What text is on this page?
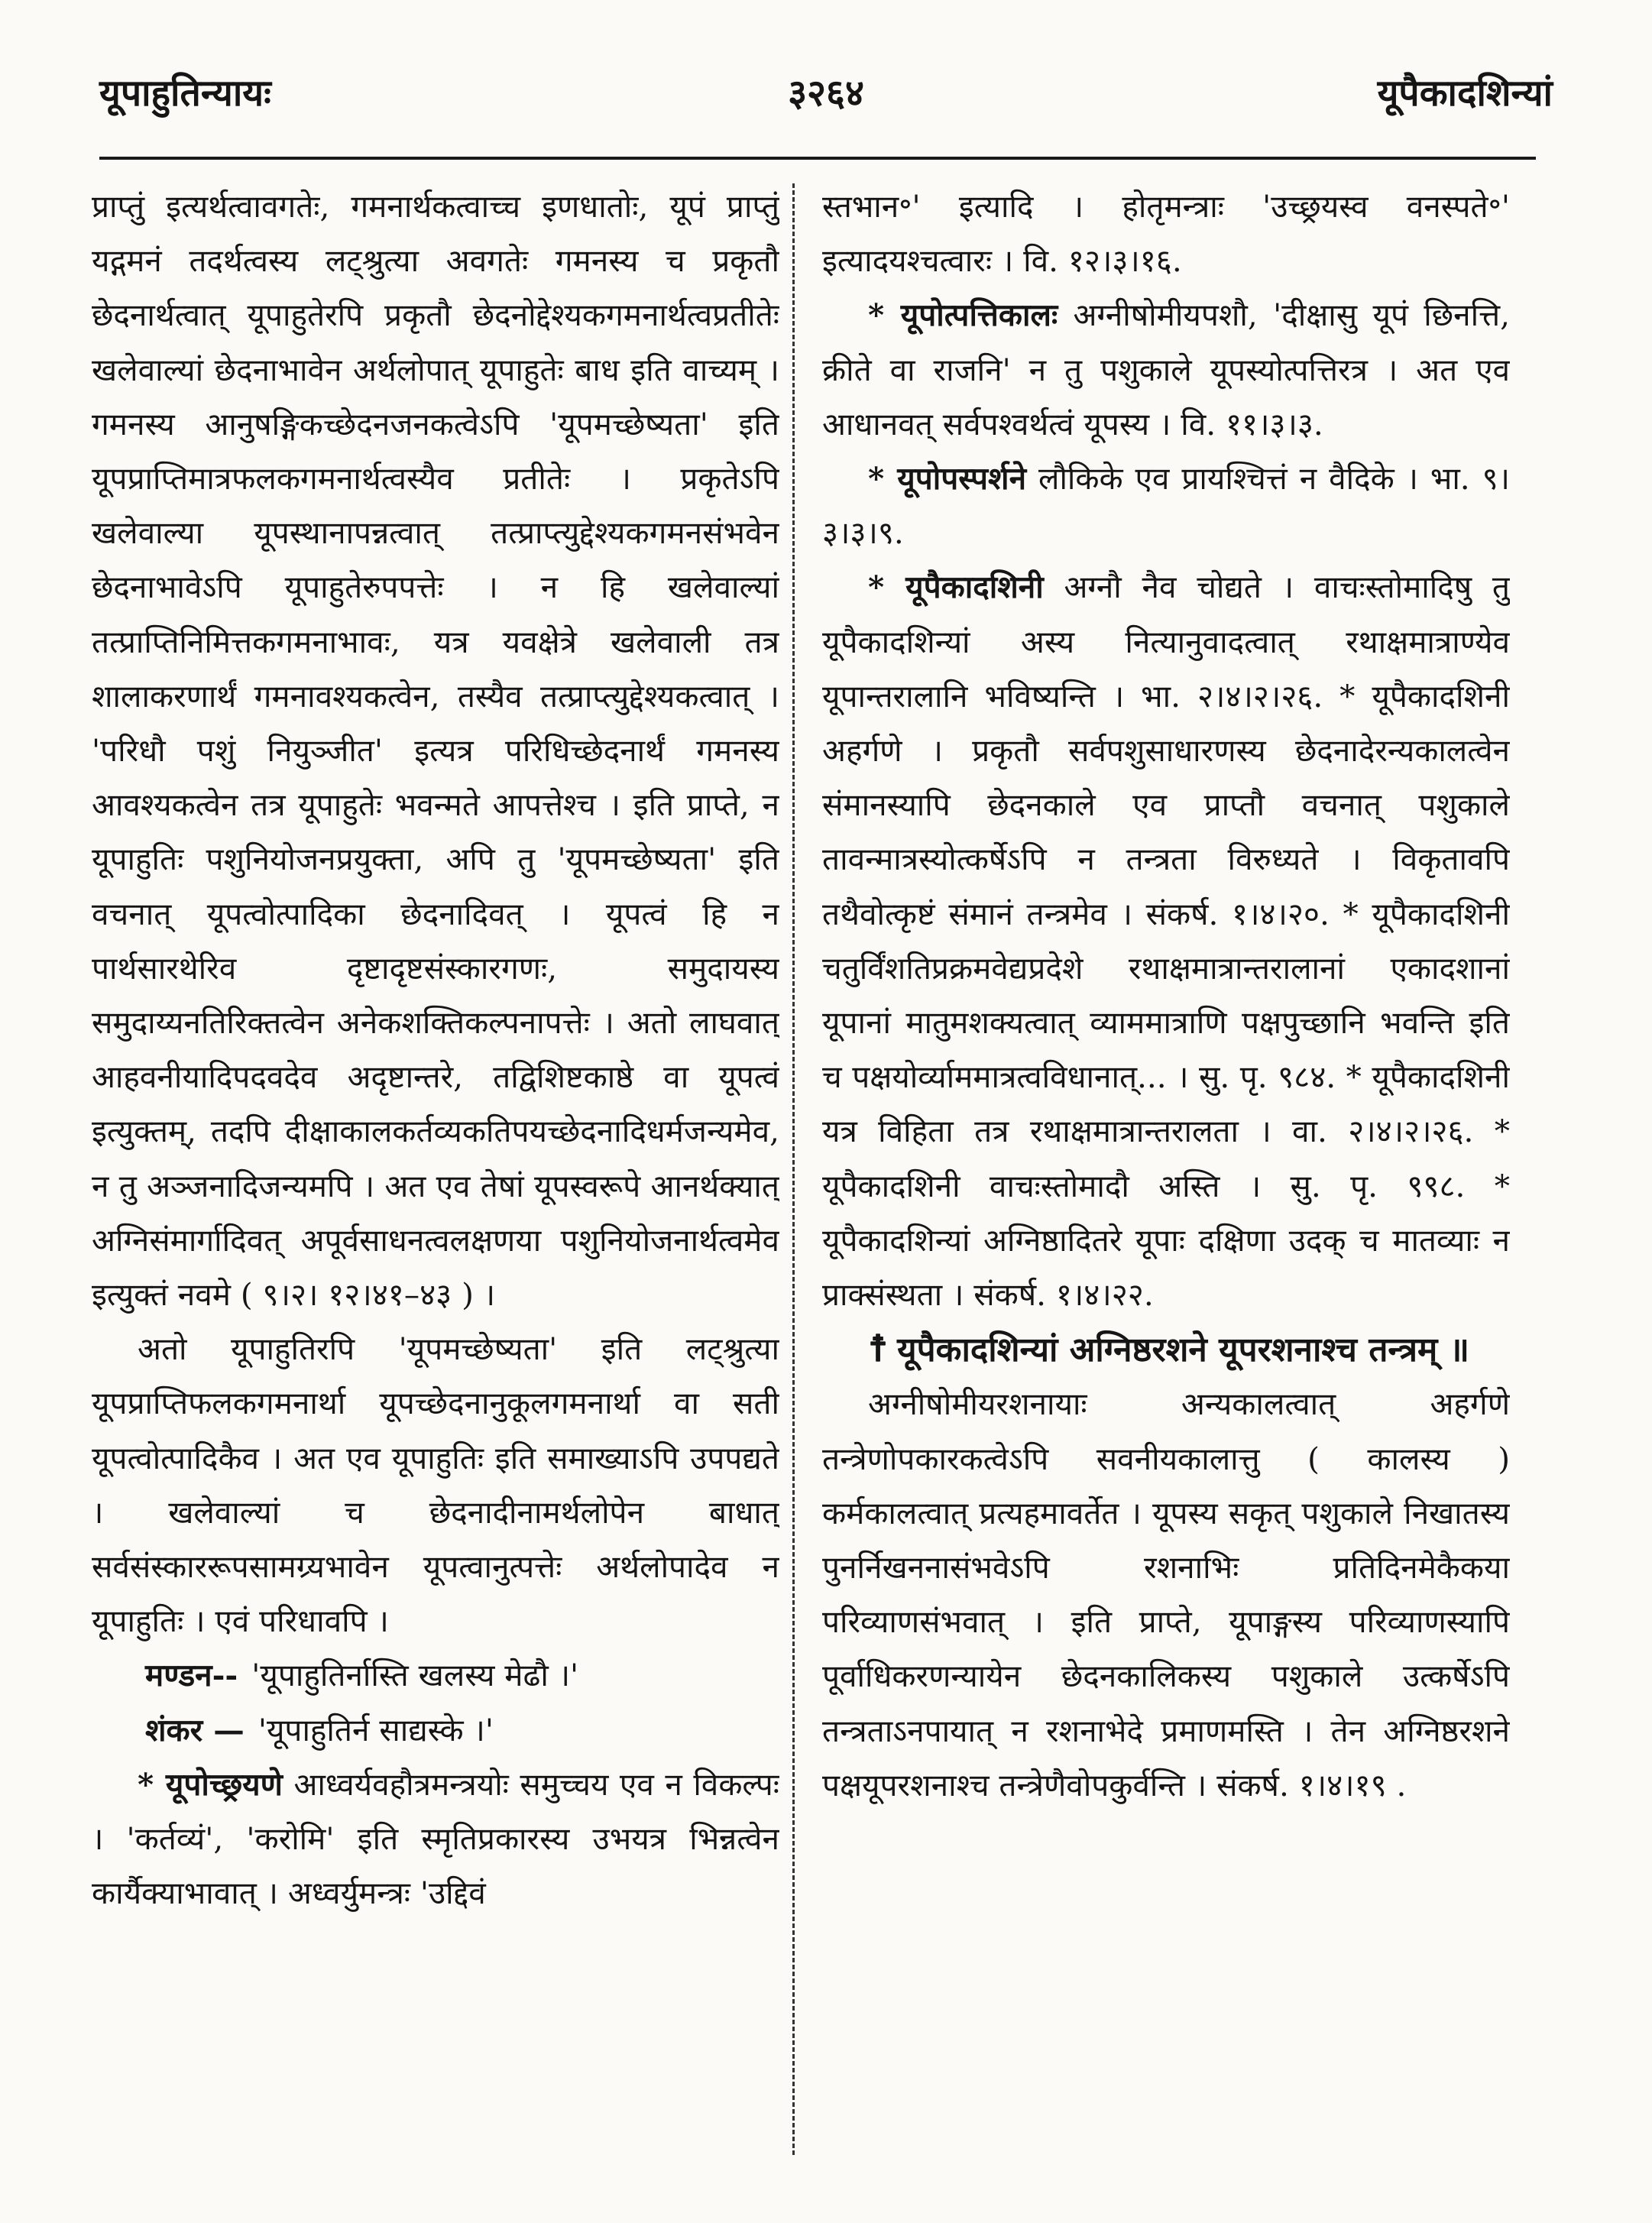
यूपाहुतिन्यायः	३२६४	यूपैकादशिन्यां

प्राप्तुं इत्यर्थत्वावगतेः, गमनार्थकत्वाच्च इणधातोः, यूपं प्राप्तुं यद्गमनं तदर्थत्वस्य लट्श्रुत्या अवगतेः गमनस्य च प्रकृतौ छेदनार्थत्वात् यूपाहुतेरपि प्रकृतौ छेदनोद्देश्यकगमनार्थत्वप्रतीतेः खलेवाल्यां छेदनाभावेन अर्थलोपात् यूपाहुतेः बाध इति वाच्यम् । गमनस्य आनुषङ्गिकच्छेदनजनकत्वेऽपि 'यूपमच्छेष्यता' इति यूपप्राप्तिमात्रफलकगमनार्थत्वस्यैव प्रतीतेः । प्रकृतेऽपि खलेवाल्या यूपस्थानापन्नत्वात् तत्प्राप्त्युद्देश्यकगमनसंभवेन छेदनाभावेऽपि यूपाहुतेरुपपत्तेः । न हि खलेवाल्यां तत्प्राप्तिनिमित्तकगमनाभावः, यत्र यवक्षेत्रे खलेवाली तत्र शालाकरणार्थं गमनावश्यकत्वेन, तस्यैव तत्प्राप्त्युद्देश्यकत्वात् । 'परिधौ पशुं नियुञ्जीत' इत्यत्र परिधिच्छेदनार्थं गमनस्य आवश्यकत्वेन तत्र यूपाहुतेः भवन्मते आपत्तेश्च । इति प्राप्ते, न यूपाहुतिः पशुनियोजनप्रयुक्ता, अपि तु 'यूपमच्छेष्यता' इति वचनात् यूपत्वोत्पादिका छेदनादिवत् । यूपत्वं हि न पार्थसारथेरिव दृष्टादृष्टसंस्कारगणः, समुदायस्य समुदाय्यनतिरिक्तत्वेन अनेकशक्तिकल्पनापत्तेः । अतो लाघवात् आहवनीयादिपदवदेव अदृष्टान्तरे, तद्विशिष्टकाष्ठे वा यूपत्वं इत्युक्तम्, तदपि दीक्षाकालकर्तव्यकतिपयच्छेदनादिधर्मजन्यमेव, न तु अञ्जनादिजन्यमपि । अत एव तेषां यूपस्वरूपे आनर्थक्यात् अग्निसंमार्गादिवत् अपूर्वसाधनत्वलक्षणया पशुनियोजनार्थत्वमेव इत्युक्तं नवमे ( ९।२। १२।४१–४३ ) ।

अतो यूपाहुतिरपि 'यूपमच्छेष्यता' इति लट्श्रुत्या यूपप्राप्तिफलकगमनार्था यूपच्छेदनानुकूलगमनार्था वा सती यूपत्वोत्पादिकैव । अत एव यूपाहुतिः इति समाख्याऽपि उपपद्यते । खलेवाल्यां च छेदनादीनामर्थलोपेन बाधात् सर्वसंस्काररूपसामग्र्यभावेन यूपत्वानुत्पत्तेः अर्थलोपादेव न यूपाहुतिः । एवं परिधावपि ।

मण्डन-- 'यूपाहुतिर्नास्ति खलस्य मेढौ ।'

शंकर — 'यूपाहुतिर्न साद्यस्के ।'

* यूपोच्छ्रयणे आध्वर्यवहौत्रमन्त्रयोः समुच्चय एव न विकल्पः । 'कर्तव्यं', 'करोमि' इति स्मृतिप्रकारस्य उभयत्र भिन्नत्वेन कार्यैक्याभावात् । अध्वर्युमन्त्रः 'उद्दिवं

स्तभान॰' इत्यादि । होतृमन्त्राः 'उच्छ्रयस्व वनस्पते॰' इत्यादयश्चत्वारः । वि. १२।३।१६.

* यूपोत्पत्तिकालः अग्नीषोमीयपशौ, 'दीक्षासु यूपं छिनत्ति, क्रीते वा राजनि' न तु पशुकाले यूपस्योत्पत्तिरत्र । अत एव आधानवत् सर्वपश्वर्थत्वं यूपस्य । वि. ११।३।३.

* यूपोपस्पर्शने लौकिके एव प्रायश्चित्तं न वैदिके । भा. ९।३।३।९.

* यूपैकादशिनी अग्नौ नैव चोद्यते । वाचःस्तोमादिषु तु यूपैकादशिन्यां अस्य नित्यानुवादत्वात् रथाक्षमात्राण्येव यूपान्तरालानि भविष्यन्ति । भा. २।४।२।२६. * यूपैकादशिनी अहर्गणे । प्रकृतौ सर्वपशुसाधारणस्य छेदनादेरन्यकालत्वेन संमानस्यापि छेदनकाले एव प्राप्तौ वचनात् पशुकाले तावन्मात्रस्योत्कर्षेऽपि न तन्त्रता विरुध्यते । विकृतावपि तथैवोत्कृष्टं संमानं तन्त्रमेव । संकर्ष. १।४।२०. * यूपैकादशिनी चतुर्विंशतिप्रक्रमवेद्यप्रदेशे रथाक्षमात्रान्तरालानां एकादशानां यूपानां मातुमशक्यत्वात् व्याममात्राणि पक्षपुच्छानि भवन्ति इति च पक्षयोर्व्याममात्रत्वविधानात्... । सु. पृ. ९८४. * यूपैकादशिनी यत्र विहिता तत्र रथाक्षमात्रान्तरालता । वा. २।४।२।२६. * यूपैकादशिनी वाचःस्तोमादौ अस्ति । सु. पृ. ९९८. * यूपैकादशिन्यां अग्निष्ठादितरे यूपाः दक्षिणा उदक् च मातव्याः न प्राक्संस्थता । संकर्ष. १।४।२२.

☨ यूपैकादशिन्यां अग्निष्ठरशने यूपरशनाश्च तन्त्रम् ॥

अग्नीषोमीयरशनायाः अन्यकालत्वात् अहर्गणे तन्त्रेणोपकारकत्वेऽपि सवनीयकालात्तु ( कालस्य ) कर्मकालत्वात् प्रत्यहमावर्तेत । यूपस्य सकृत् पशुकाले निखातस्य पुनर्निखननासंभवेऽपि रशनाभिः प्रतिदिनमेकैकया परिव्याणसंभवात् । इति प्राप्ते, यूपाङ्गस्य परिव्याणस्यापि पूर्वाधिकरणन्यायेन छेदनकालिकस्य पशुकाले उत्कर्षेऽपि तन्त्रताऽनपायात् न रशनाभेदे प्रमाणमस्ति । तेन अग्निष्ठरशने पक्षयूपरशनाश्च तन्त्रेणैवोपकुर्वन्ति । संकर्ष. १।४।१९ .
